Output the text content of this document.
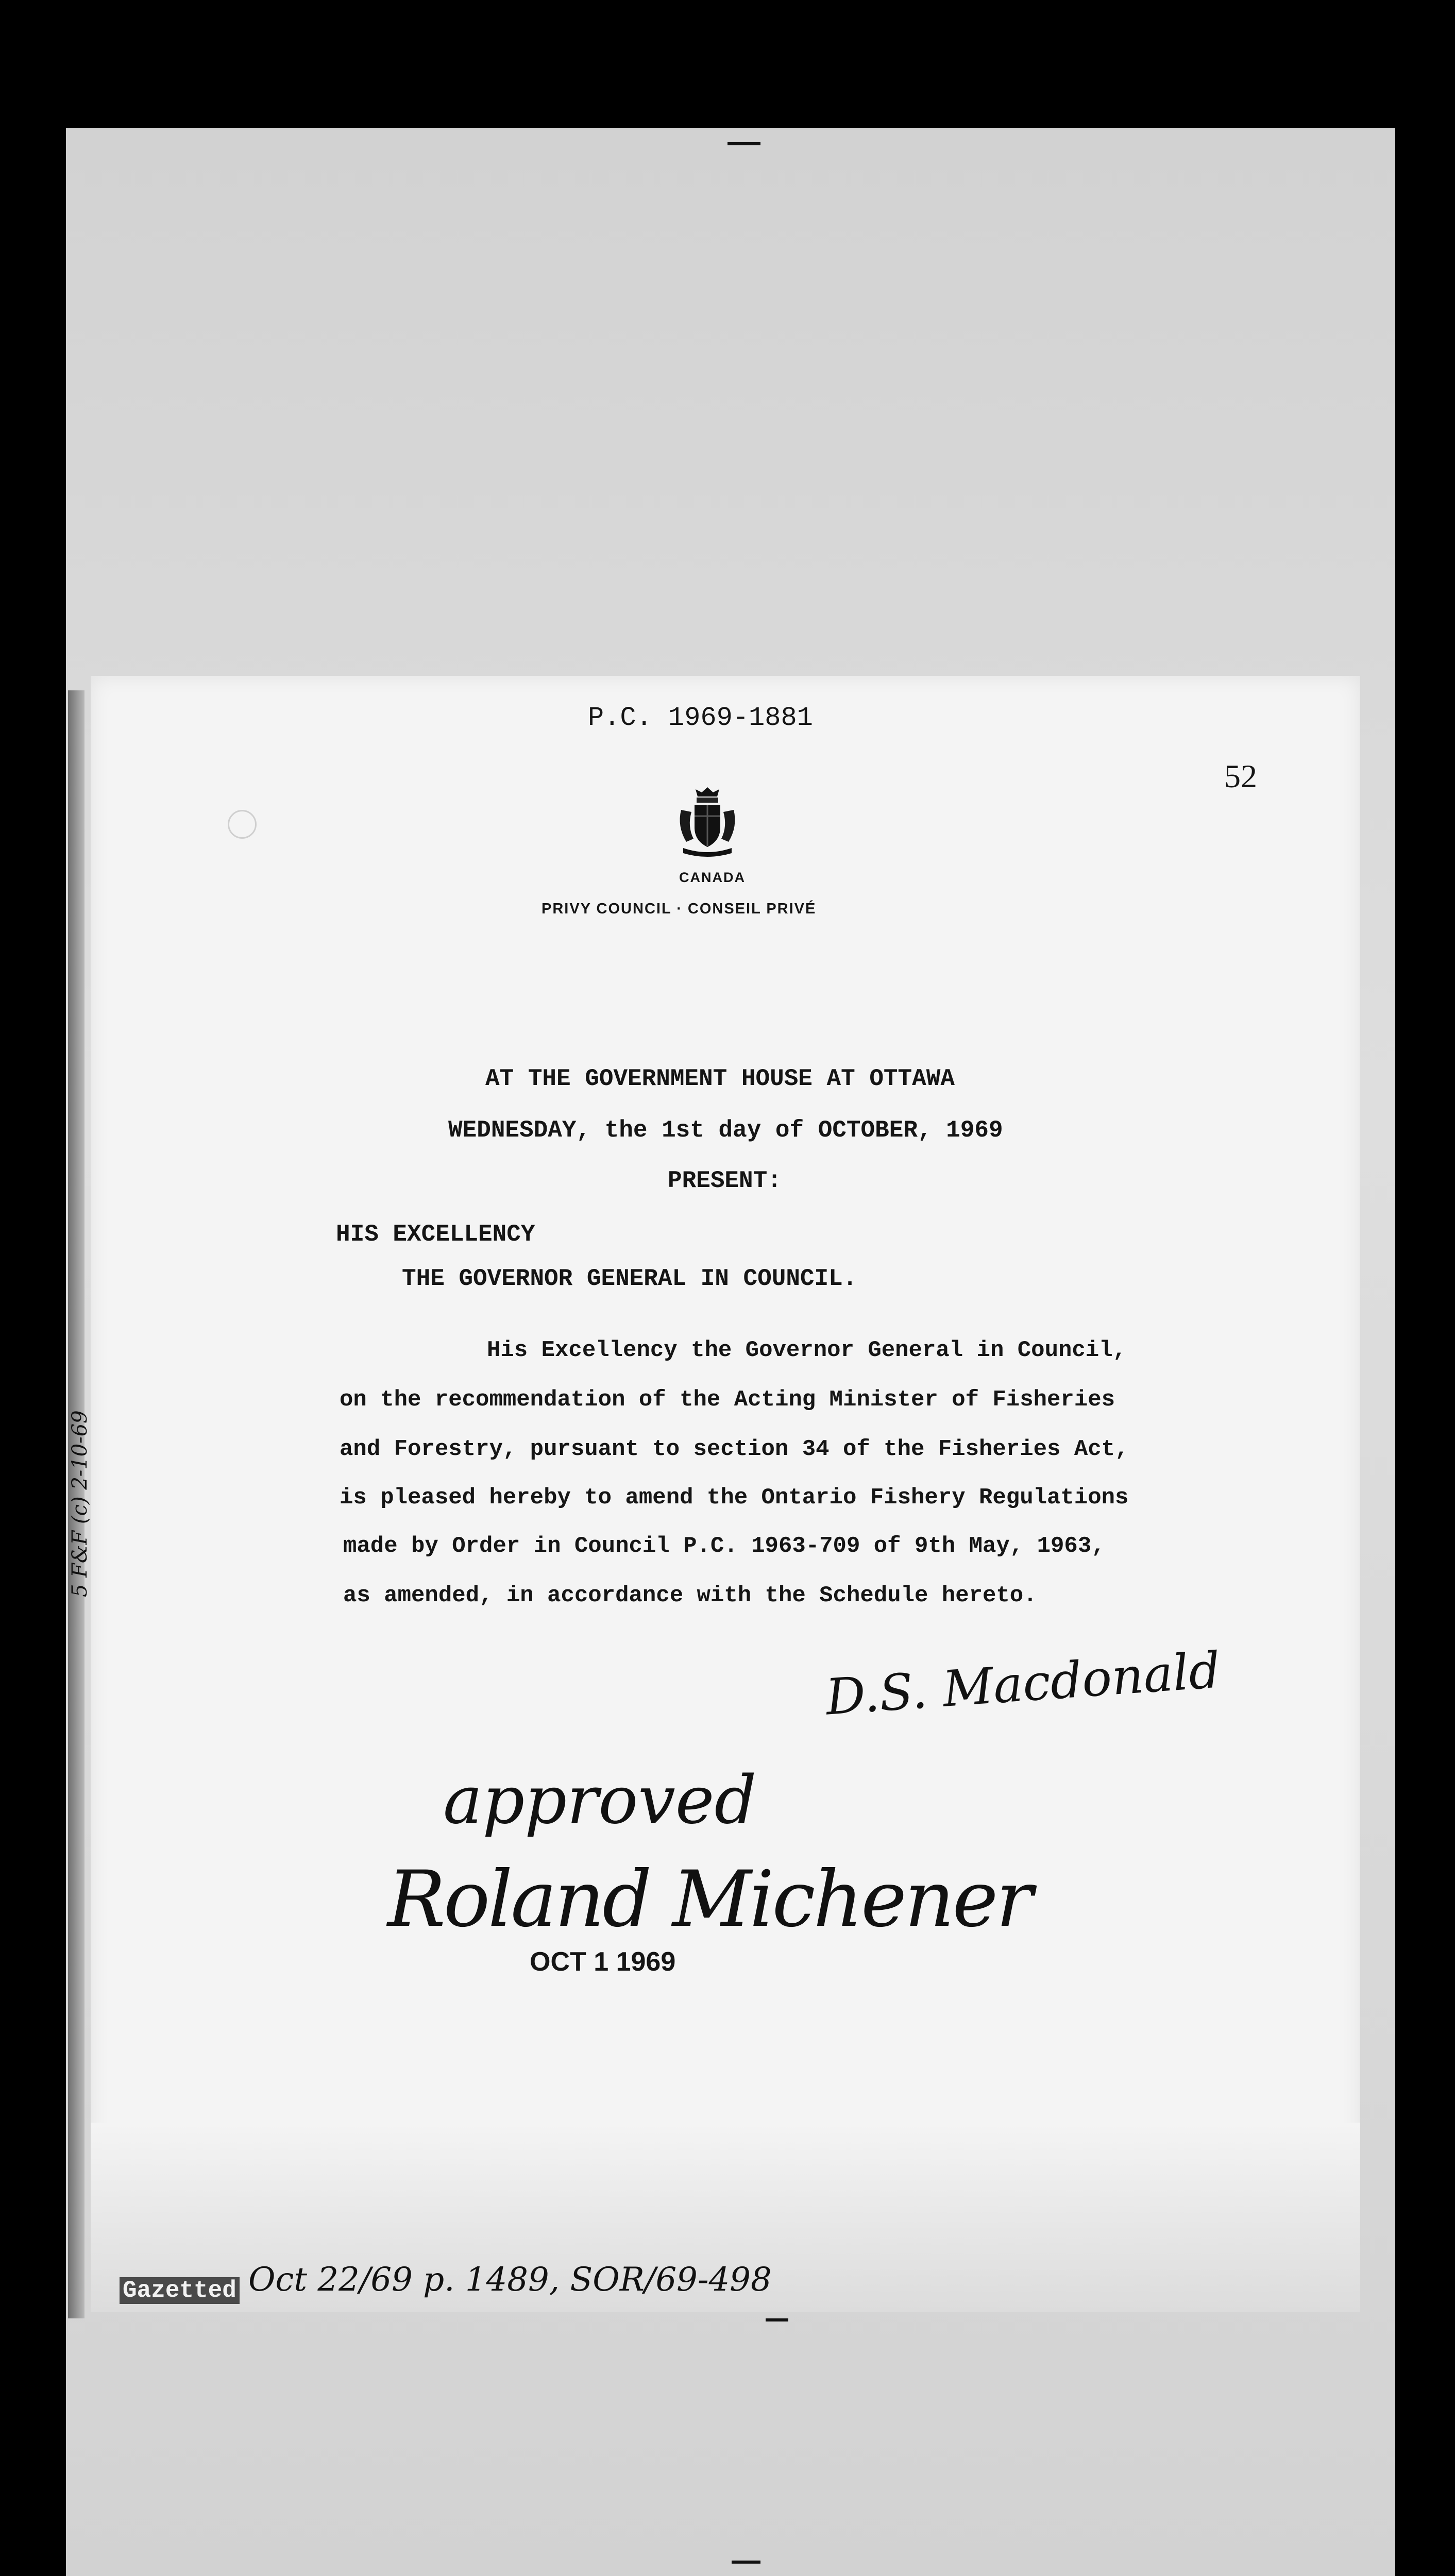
P.C. 1969-1881
52
CANADA
PRIVY COUNCIL · CONSEIL PRIVÉ
AT THE GOVERNMENT HOUSE AT OTTAWA
WEDNESDAY, the 1st day of OCTOBER, 1969
PRESENT:
HIS EXCELLENCY
THE GOVERNOR GENERAL IN COUNCIL.
His Excellency the Governor General in Council,
on the recommendation of the Acting Minister of Fisheries
and Forestry, pursuant to section 34 of the Fisheries Act,
is pleased hereby to amend the Ontario Fishery Regulations
made by Order in Council P.C. 1963-709 of 9th May, 1963,
as amended, in accordance with the Schedule hereto.
5 F&F (c) 2-10-69
D.S. Macdonald
approved
Roland Michener
OCT 1 1969
Gazetted Oct 22/69 p. 1489, SOR/69-498
